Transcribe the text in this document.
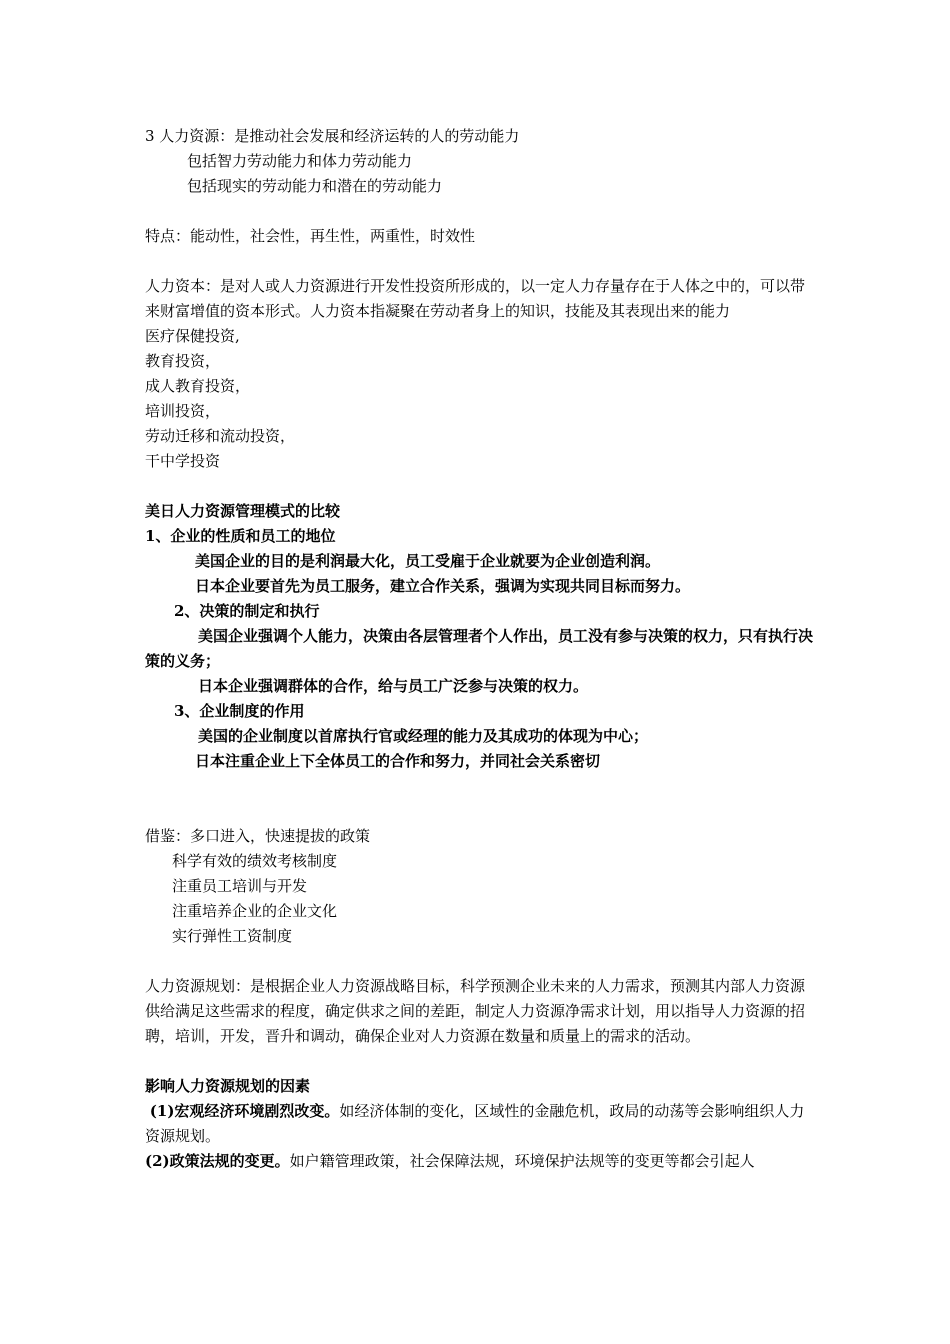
3 人力资源：是推动社会发展和经济运转的人的劳动能力
包括智力劳动能力和体力劳动能力
包括现实的劳动能力和潜在的劳动能力
特点：能动性，社会性，再生性，两重性，时效性
人力资本：是对人或人力资源进行开发性投资所形成的，以一定人力存量存在于人体之中的，可以带来财富增值的资本形式。人力资本指凝聚在劳动者身上的知识，技能及其表现出来的能力
医疗保健投资,
教育投资，
成人教育投资，
培训投资，
劳动迁移和流动投资，
干中学投资
美日人力资源管理模式的比较
1、企业的性质和员工的地位
美国企业的目的是利润最大化，员工受雇于企业就要为企业创造利润。
日本企业要首先为员工服务，建立合作关系，强调为实现共同目标而努力。
2、决策的制定和执行
美国企业强调个人能力，决策由各层管理者个人作出，员工没有参与决策的权力，只有执行决策的义务；
日本企业强调群体的合作，给与员工广泛参与决策的权力。
3、企业制度的作用
美国的企业制度以首席执行官或经理的能力及其成功的体现为中心；
日本注重企业上下全体员工的合作和努力，并同社会关系密切
借鉴：多口进入，快速提拔的政策
科学有效的绩效考核制度
注重员工培训与开发
注重培养企业的企业文化
实行弹性工资制度
人力资源规划：是根据企业人力资源战略目标，科学预测企业未来的人力需求，预测其内部人力资源供给满足这些需求的程度，确定供求之间的差距，制定人力资源净需求计划，用以指导人力资源的招聘，培训，开发，晋升和调动，确保企业对人力资源在数量和质量上的需求的活动。
影响人力资源规划的因素
(1)宏观经济环境剧烈改变。如经济体制的变化，区域性的金融危机，政局的动荡等会影响组织人力资源规划。
(2)政策法规的变更。如户籍管理政策，社会保障法规，环境保护法规等的变更等都会引起人
